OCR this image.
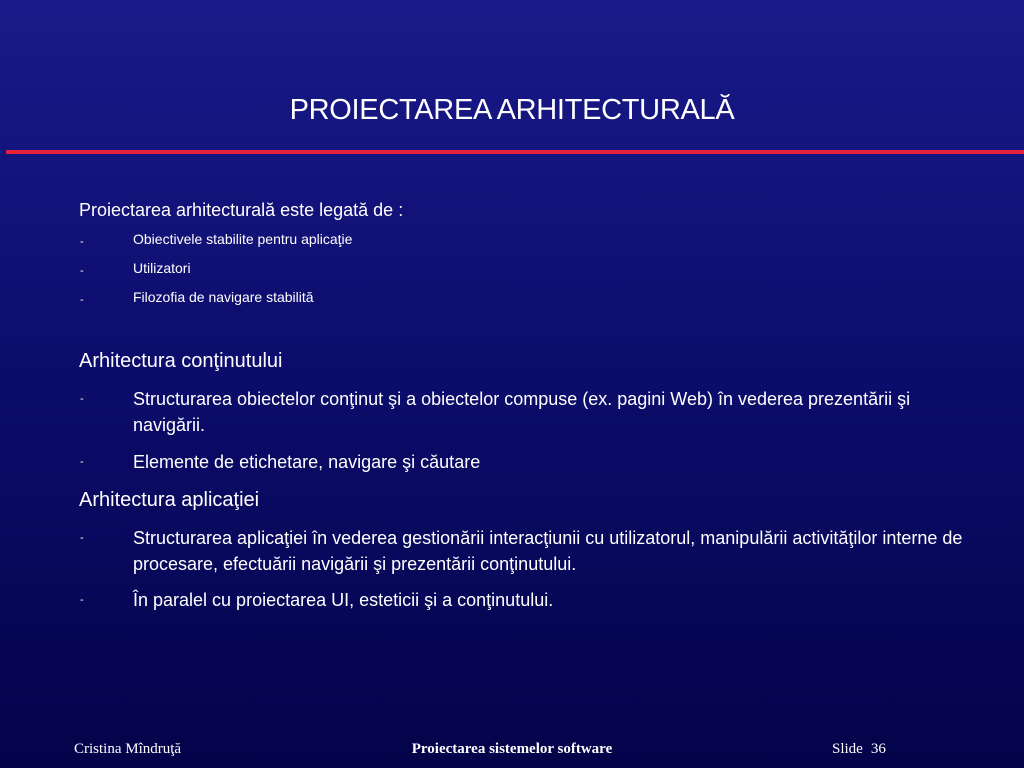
PROIECTAREA ARHITECTURALĂ
Proiectarea arhitecturală este legată de :
-	Obiectivele stabilite pentru aplicaţie
-	Utilizatori
-	Filozofia de navigare stabilită
Arhitectura conţinutului
-	Structurarea obiectelor conţinut şi a obiectelor compuse (ex. pagini Web) în vederea prezentării şi navigării.
-	Elemente de etichetare, navigare şi căutare
Arhitectura aplicaţiei
-	Structurarea aplicaţiei în vederea gestionării interacţiunii cu utilizatorul, manipulării activităţilor interne de procesare, efectuării navigării şi prezentării conţinutului.
-	În paralel cu proiectarea UI, esteticii şi a conţinutului.
Cristina Mîndruţă	Proiectarea sistemelor software	Slide 36
